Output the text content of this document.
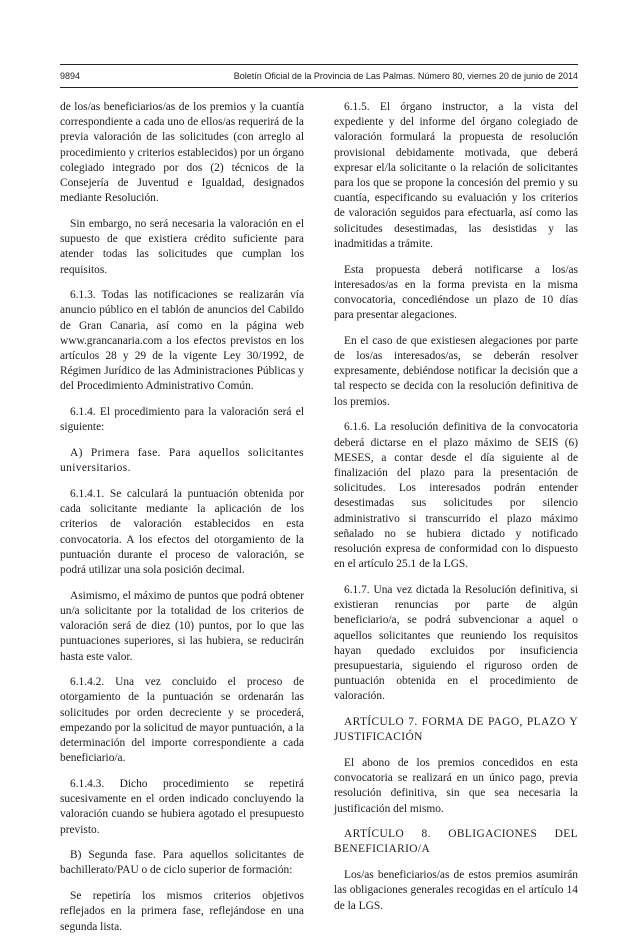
9894	Boletín Oficial de la Provincia de Las Palmas. Número 80, viernes 20 de junio de 2014

de los/as beneficiarios/as de los premios y la cuantía correspondiente a cada uno de ellos/as requerirá de la previa valoración de las solicitudes (con arreglo al procedimiento y criterios establecidos) por un órgano colegiado integrado por dos (2) técnicos de la Consejería de Juventud e Igualdad, designados mediante Resolución.

Sin embargo, no será necesaria la valoración en el supuesto de que existiera crédito suficiente para atender todas las solicitudes que cumplan los requisitos.

6.1.3. Todas las notificaciones se realizarán vía anuncio público en el tablón de anuncios del Cabildo de Gran Canaria, así como en la página web www.grancanaria.com a los efectos previstos en los artículos 28 y 29 de la vigente Ley 30/1992, de Régimen Jurídico de las Administraciones Públicas y del Procedimiento Administrativo Común.

6.1.4. El procedimiento para la valoración será el siguiente:

A) Primera fase. Para aquellos solicitantes universitarios.

6.1.4.1. Se calculará la puntuación obtenida por cada solicitante mediante la aplicación de los criterios de valoración establecidos en esta convocatoria. A los efectos del otorgamiento de la puntuación durante el proceso de valoración, se podrá utilizar una sola posición decimal.

Asimismo, el máximo de puntos que podrá obtener un/a solicitante por la totalidad de los criterios de valoración será de diez (10) puntos, por lo que las puntuaciones superiores, si las hubiera, se reducirán hasta este valor.

6.1.4.2. Una vez concluido el proceso de otorgamiento de la puntuación se ordenarán las solicitudes por orden decreciente y se procederá, empezando por la solicitud de mayor puntuación, a la determinación del importe correspondiente a cada beneficiario/a.

6.1.4.3. Dicho procedimiento se repetirá sucesivamente en el orden indicado concluyendo la valoración cuando se hubiera agotado el presupuesto previsto.

B) Segunda fase. Para aquellos solicitantes de bachillerato/PAU o de ciclo superior de formación:

Se repetiría los mismos criterios objetivos reflejados en la primera fase, reflejándose en una segunda lista.

6.1.5. El órgano instructor, a la vista del expediente y del informe del órgano colegiado de valoración formulará la propuesta de resolución provisional debidamente motivada, que deberá expresar el/la solicitante o la relación de solicitantes para los que se propone la concesión del premio y su cuantía, especificando su evaluación y los criterios de valoración seguidos para efectuarla, así como las solicitudes desestimadas, las desistidas y las inadmitidas a trámite.

Esta propuesta deberá notificarse a los/as interesados/as en la forma prevista en la misma convocatoria, concediéndose un plazo de 10 días para presentar alegaciones.

En el caso de que existiesen alegaciones por parte de los/as interesados/as, se deberán resolver expresamente, debiéndose notificar la decisión que a tal respecto se decida con la resolución definitiva de los premios.

6.1.6. La resolución definitiva de la convocatoria deberá dictarse en el plazo máximo de SEIS (6) MESES, a contar desde el día siguiente al de finalización del plazo para la presentación de solicitudes. Los interesados podrán entender desestimadas sus solicitudes por silencio administrativo si transcurrido el plazo máximo señalado no se hubiera dictado y notificado resolución expresa de conformidad con lo dispuesto en el artículo 25.1 de la LGS.

6.1.7. Una vez dictada la Resolución definitiva, si existieran renuncias por parte de algún beneficiario/a, se podrá subvencionar a aquel o aquellos solicitantes que reuniendo los requisitos hayan quedado excluidos por insuficiencia presupuestaria, siguiendo el riguroso orden de puntuación obtenida en el procedimiento de valoración.

ARTÍCULO 7. FORMA DE PAGO, PLAZO Y JUSTIFICACIÓN

El abono de los premios concedidos en esta convocatoria se realizará en un único pago, previa resolución definitiva, sin que sea necesaria la justificación del mismo.

ARTÍCULO 8. OBLIGACIONES DEL BENEFICIARIO/A

Los/as beneficiarios/as de estos premios asumirán las obligaciones generales recogidas en el artículo 14 de la LGS.
